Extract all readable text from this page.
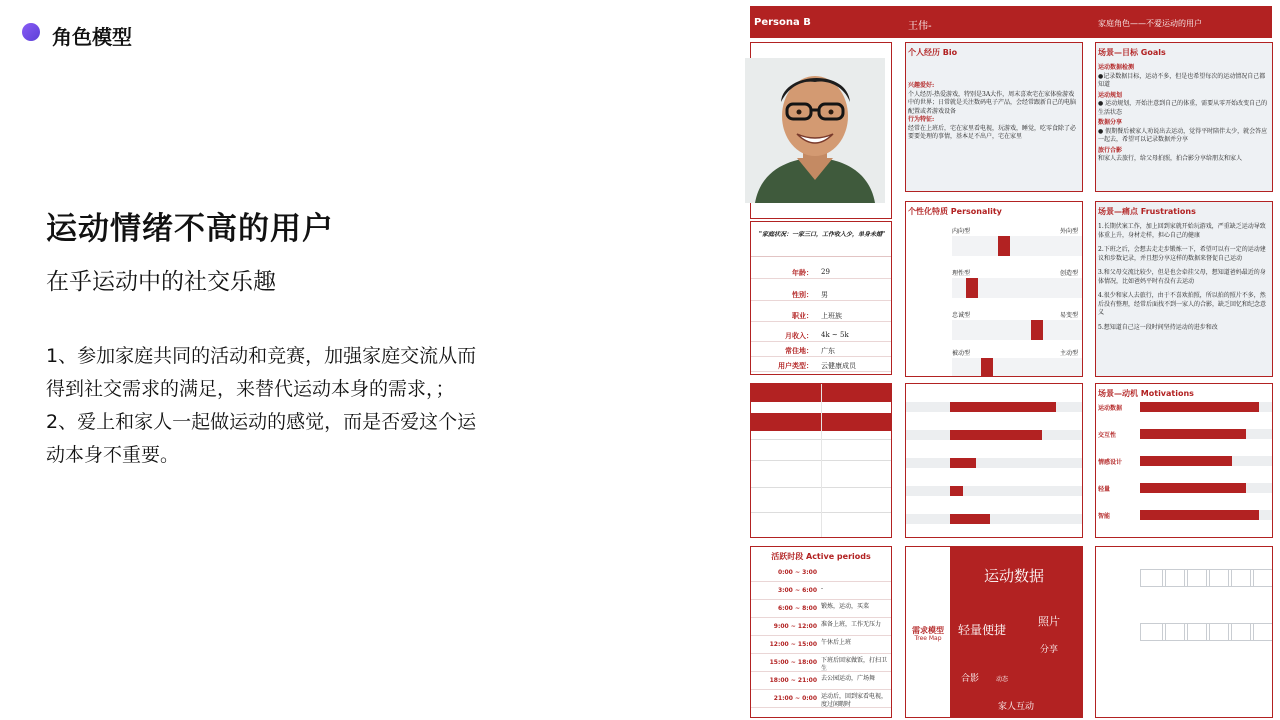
角色模型
运动情绪不高的用户
在乎运动中的社交乐趣

1、参加家庭共同的活动和竞赛，加强家庭交流从而

得到社交需求的满足，来替代运动本身的需求，；

2、爱上和家人一起做运动的感觉，而是否爱这个运

动本身不重要。

Persona B	王伟-	家庭角色——不爱运动的用户
"家庭状况：一家三口，工作收入少，单身未婚"
年龄： 29
性别： 男
职业： 上班族
月收入： 4k ~ 5k
常住地： 广东
用户类型： 云健康成员
个人经历 Bio
兴趣爱好:
个人经历-热爱游戏，特别是3A大作，周末喜欢宅在家体验游戏中的世界；日常就是关注数码电子产品，会经常跟新自己的电脑配置或者游戏设备
行为特征:
经常在上班后，宅在家里看电视，玩游戏，睡觉，吃零食除了必要要处理的事情，基本足不出户，宅在家里
场景—目标 Goals
运动数据检测
●记录数据目标，运动不多，但是也希望每次的运动情况自己都知道
运动规划
● 运动规划，开始注意到自己的体重，需要从零开始改变自己的生活状态
数据分享
● 假期餐后被家人劝说出去运动，觉得平时陪伴太少，就会答应一起去，希望可以记录数据并分享
旅行合影
和家人去旅行，给父母拍照，拍合影分享给朋友和家人
个性化特质 Personality
内向型	外向型
理性型	创造型
忠诚型	易变型
被动型	主动型
场景—痛点 Frustrations
1.长期伏案工作，加上回到家就开始玩游戏，严重缺乏运动导致体重上升，身材走样，担心自己的健康
2.下班之后，会想去走走步锻炼一下，希望可以有一定的运动建议和步数记录，并且想分享这样的数据来督促自己运动
3.和父母交流比较少，但是也会牵挂父母，想知道爸妈最近的身体情况，比如爸妈平时有没有去运动
4.很少和家人去旅行，由于不喜欢拍照，所以拍的照片不多，然后没有整理，经常后面找不到一家人的合影，缺乏回忆和纪念意义
5.想知道自己这一段时间坚持运动的进步和改
场景—动机 Motivations
运动数据
交互性
情感设计
轻量
智能
活跃时段 Active periods
0:00 ~ 3:00
3:00 ~ 6:00 -
6:00 ~ 8:00 锻炼，运动，买菜
9:00 ~ 12:00 准备上班，工作无压力
12:00 ~ 15:00 午休后上班
15:00 ~ 18:00 下班后回家做饭，打扫卫生
18:00 ~ 21:00 去公园运动，广场舞
21:00 ~ 0:00 运动后，回到家看电视，度过闲暇时
需求模型
Tree Map
运动数据
轻量便捷
照片
分享
合影	动态
家人互动
